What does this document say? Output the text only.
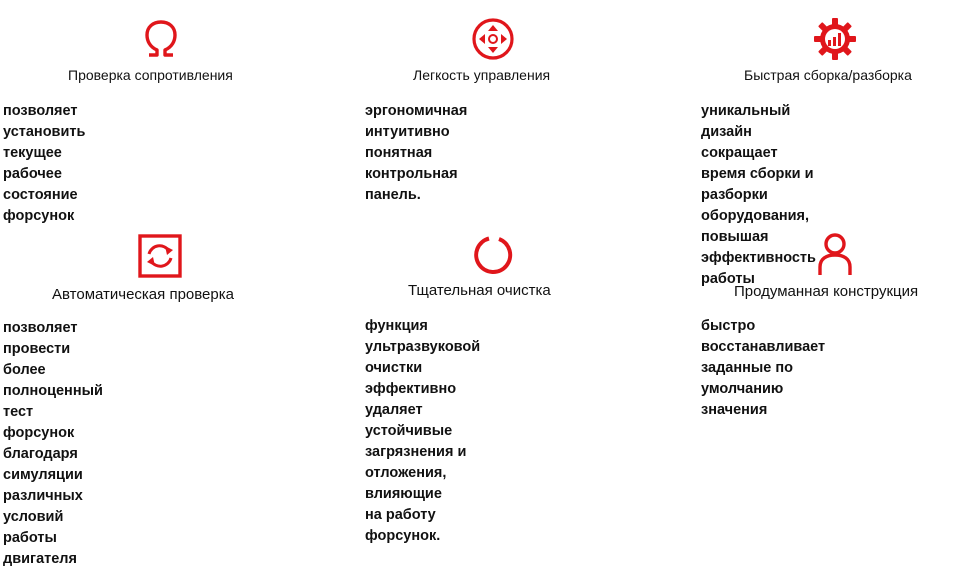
Проверка сопротивления
позволяет установить текущее рабочее
состояние форсунок
Легкость управления
эргономичная интуитивно
понятная контрольная панель.
Быстрая сборка/разборка
уникальный дизайн сокращает
время сборки и разборки
оборудования, повышая
эффективность работы
Автоматическая проверка
позволяет провести более полноценный
тест форсунок благодаря симуляции
различных условий работы двигателя
Тщательная очистка
функция ультразвуковой очистки
эффективно удаляет устойчивые
загрязнения и отложения, влияющие
на работу форсунок.
Продуманная конструкция
быстро восстанавливает
заданные по умолчанию
значения
